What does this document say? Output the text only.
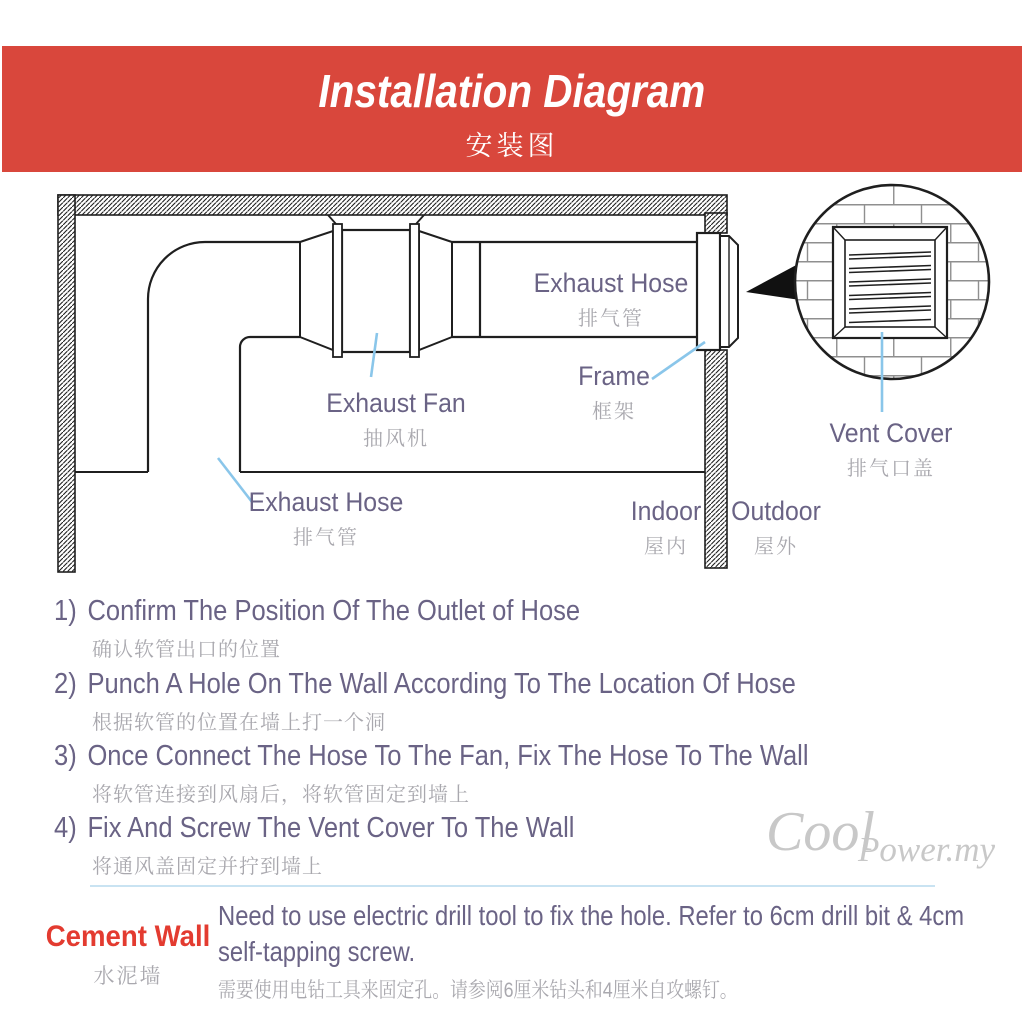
Installation Diagram
安装图
Exhaust Hose
排气管
Frame
框架
Exhaust Fan
抽风机
Exhaust Hose
排气管
Indoor
屋内
Outdoor
屋外
Vent Cover
排气口盖
1) Confirm The Position Of The Outlet of Hose
确认软管出口的位置
2) Punch A Hole On The Wall According To The Location Of Hose
根据软管的位置在墙上打一个洞
3) Once Connect The Hose To The Fan, Fix The Hose To The Wall
将软管连接到风扇后，将软管固定到墙上
4) Fix And Screw The Vent Cover To The Wall
将通风盖固定并拧到墙上
Cool
Power.my
Cement Wall
水泥墙
Need to use electric drill tool to fix the hole. Refer to 6cm drill bit & 4cm self-tapping screw.
需要使用电钻工具来固定孔。请参阅6厘米钻头和4厘米自攻螺钉。
